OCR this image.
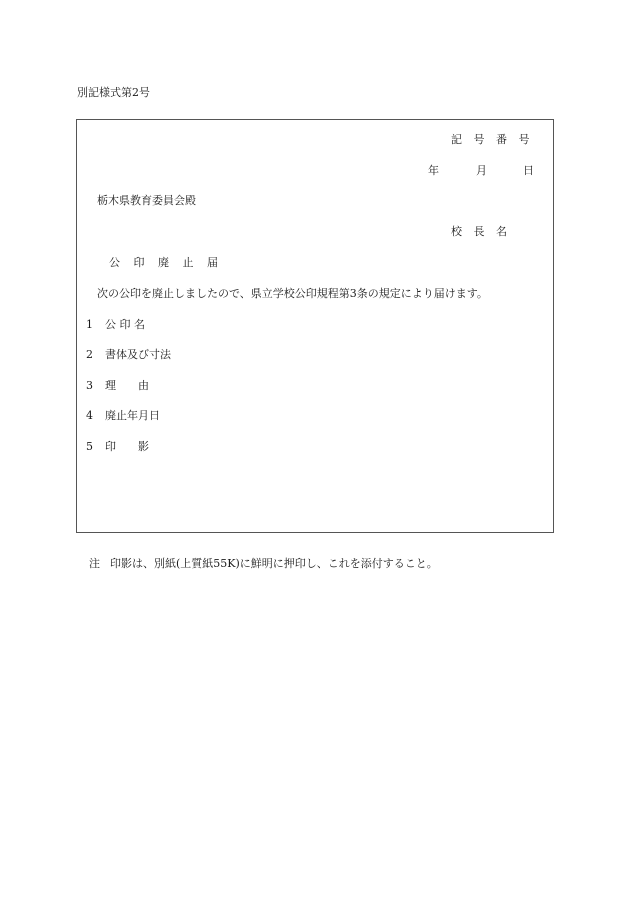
別記様式第2号
記 号 番 号
年	月	日
栃木県教育委員会殿
校 長 名
公 印 廃 止 届
次の公印を廃止しましたので、県立学校公印規程第3条の規定により届けます。
1 公 印 名
2 書体及び寸法
3 理　　由
4 廃止年月日
5 印　　影
注 印影は、別紙(上質紙55K)に鮮明に押印し、これを添付すること。
